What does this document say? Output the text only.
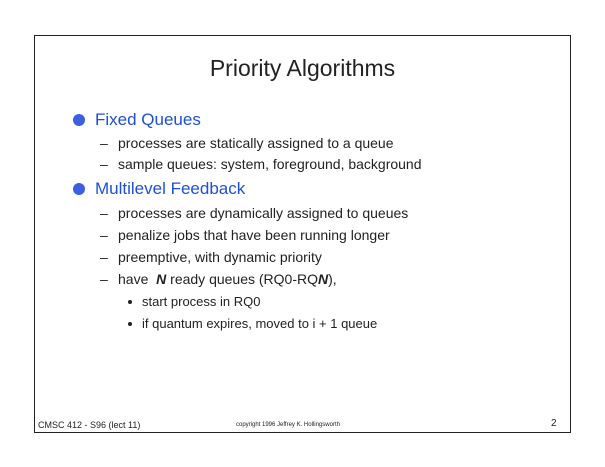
Priority Algorithms
Fixed Queues
– processes are statically assigned to a queue
– sample queues: system, foreground, background
Multilevel Feedback
– processes are dynamically assigned to queues
– penalize jobs that have been running longer
– preemptive, with dynamic priority
– have
N
ready queues (RQ0-RQ N ),
start process in RQ0
if quantum expires, moved to i + 1 queue
CMSC 412 - S96 (lect 11)	copyright 1996 Jeffrey K. Hollingsworth	2
